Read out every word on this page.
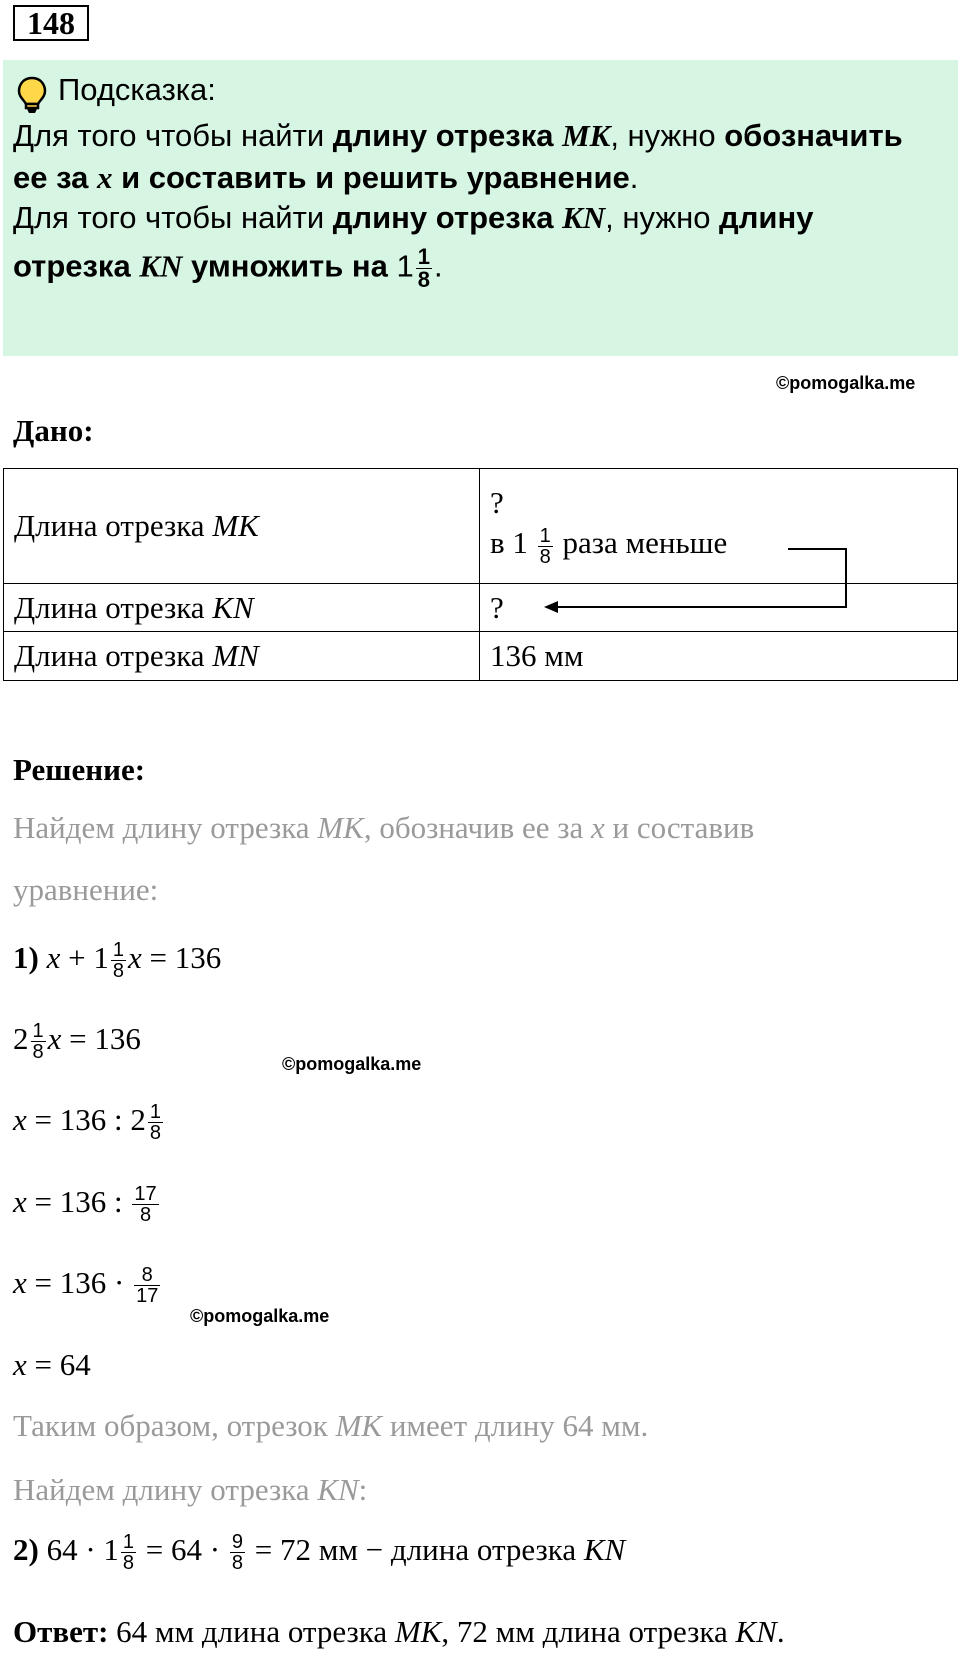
148
Подсказка:
Для того чтобы найти длину отрезка MK, нужно обозначить
ее за x и составить и решить уравнение.
Для того чтобы найти длину отрезка KN, нужно длину
отрезка KN умножить на $1 \frac{1}{8}$ .
©pomogalka.me
Дано:
Длина отрезка MK	?
в $1 \frac{1}{8}$ раза меньше

Длина отрезка KN	?
Длина отрезка MN	136 мм
Решение:
Найдем длину отрезка MK, обозначив ее за x и составив
уравнение:
1) $x + 1 \frac{1}{8}$ x = 136
$2 \frac{1}{8}$ x = 136
©pomogalka.me
x = 136 : $2 \frac{1}{8}$
x = 136 : $\frac{17}{8}$
$x = 136 \cdot \frac{8}{17}$
©pomogalka.me
x = 64
Таким образом, отрезок MK имеет длину 64 мм.
Найдем длину отрезка KN:
2) $64 \cdot 1 \frac{1}{8} = 64 \cdot \frac{9}{8} = 72$ мм − длина отрезка KN
Ответ: 64 мм длина отрезка MK, 72 мм длина отрезка KN.
